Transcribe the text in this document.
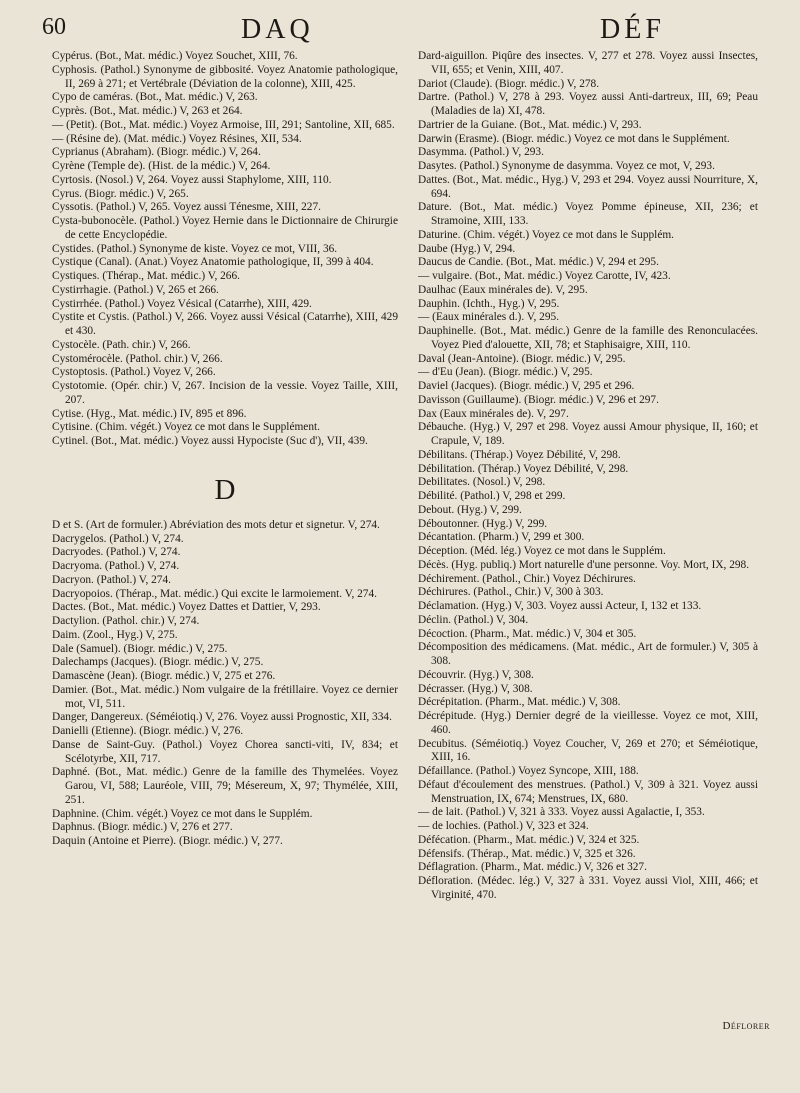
60	DAQ	DÉF

Cypérus. (Bot., Mat. médic.) Voyez Souchet, XIII, 76.

Cyphosis. (Pathol.) Synonyme de gibbosité. Voyez Anatomie pathologique, II, 269 à 271; et Vertébrale (Déviation de la colonne), XIII, 425.

Cypo de caméras. (Bot., Mat. médic.) V, 263.

Cyprès. (Bot., Mat. médic.) V, 263 et 264.

— (Petit). (Bot., Mat. médic.) Voyez Armoise, III, 291; Santoline, XII, 685.

— (Résine de). (Mat. médic.) Voyez Résines, XII, 534.

Cyprianus (Abraham). (Biogr. médic.) V, 264.

Cyrène (Temple de). (Hist. de la médic.) V, 264.

Cyrtosis. (Nosol.) V, 264. Voyez aussi Staphylome, XIII, 110.

Cyrus. (Biogr. médic.) V, 265.

Cyssotis. (Pathol.) V, 265. Voyez aussi Ténesme, XIII, 227.

Cysta-bubonocèle. (Pathol.) Voyez Hernie dans le Dictionnaire de Chirurgie de cette Encyclopédie.

Cystides. (Pathol.) Synonyme de kiste. Voyez ce mot, VIII, 36.

Cystique (Canal). (Anat.) Voyez Anatomie pathologique, II, 399 à 404.

Cystiques. (Thérap., Mat. médic.) V, 266.

Cystirrhagie. (Pathol.) V, 265 et 266.

Cystirrhée. (Pathol.) Voyez Vésical (Catarrhe), XIII, 429.

Cystite et Cystis. (Pathol.) V, 266. Voyez aussi Vésical (Catarrhe), XIII, 429 et 430.

Cystocèle. (Path. chir.) V, 266.

Cystomérocèle. (Pathol. chir.) V, 266.

Cystoptosis. (Pathol.) Voyez V, 266.

Cystotomie. (Opér. chir.) V, 267. Incision de la vessie. Voyez Taille, XIII, 207.

Cytise. (Hyg., Mat. médic.) IV, 895 et 896.

Cytisine. (Chim. végét.) Voyez ce mot dans le Supplément.

Cytinel. (Bot., Mat. médic.) Voyez aussi Hypociste (Suc d'), VII, 439.

D

D et S. (Art de formuler.) Abréviation des mots detur et signetur. V, 274.

Dacrygelos. (Pathol.) V, 274.

Dacryodes. (Pathol.) V, 274.

Dacryoma. (Pathol.) V, 274.

Dacryon. (Pathol.) V, 274.

Dacryopoios. (Thérap., Mat. médic.) Qui excite le larmoiement. V, 274.

Dactes. (Bot., Mat. médic.) Voyez Dattes et Dattier, V, 293.

Dactylion. (Pathol. chir.) V, 274.

Daim. (Zool., Hyg.) V, 275.

Dale (Samuel). (Biogr. médic.) V, 275.

Dalechamps (Jacques). (Biogr. médic.) V, 275.

Damascène (Jean). (Biogr. médic.) V, 275 et 276.

Damier. (Bot., Mat. médic.) Nom vulgaire de la frétillaire. Voyez ce dernier mot, VI, 511.

Danger, Dangereux. (Séméiotiq.) V, 276. Voyez aussi Prognostic, XII, 334.

Danielli (Etienne). (Biogr. médic.) V, 276.

Danse de Saint-Guy. (Pathol.) Voyez Chorea sancti-viti, IV, 834; et Scélotyrbe, XII, 717.

Daphné. (Bot., Mat. médic.) Genre de la famille des Thymelées. Voyez Garou, VI, 588; Lauréole, VIII, 79; Mésereum, X, 97; Thymélée, XIII, 251.

Daphnine. (Chim. végét.) Voyez ce mot dans le Supplém.

Daphnus. (Biogr. médic.) V, 276 et 277.

Daquin (Antoine et Pierre). (Biogr. médic.) V, 277.

Dard-aiguillon. Piqûre des insectes. V, 277 et 278. Voyez aussi Insectes, VII, 655; et Venin, XIII, 407.

Dariot (Claude). (Biogr. médic.) V, 278.

Dartre. (Pathol.) V, 278 à 293. Voyez aussi Anti-dartreux, III, 69; Peau (Maladies de la) XI, 478.

Dartrier de la Guiane. (Bot., Mat. médic.) V, 293.

Darwin (Erasme). (Biogr. médic.) Voyez ce mot dans le Supplément.

Dasymma. (Pathol.) V, 293.

Dasytes. (Pathol.) Synonyme de dasymma. Voyez ce mot, V, 293.

Dattes. (Bot., Mat. médic., Hyg.) V, 293 et 294. Voyez aussi Nourriture, X, 694.

Dature. (Bot., Mat. médic.) Voyez Pomme épineuse, XII, 236; et Stramoine, XIII, 133.

Daturine. (Chim. végét.) Voyez ce mot dans le Supplém.

Daube (Hyg.) V, 294.

Daucus de Candie. (Bot., Mat. médic.) V, 294 et 295.

— vulgaire. (Bot., Mat. médic.) Voyez Carotte, IV, 423.

Daulhac (Eaux minérales de). V, 295.

Dauphin. (Ichth., Hyg.) V, 295.

— (Eaux minérales d.). V, 295.

Dauphinelle. (Bot., Mat. médic.) Genre de la famille des Renonculacées. Voyez Pied d'alouette, XII, 78; et Staphisaigre, XIII, 110.

Daval (Jean-Antoine). (Biogr. médic.) V, 295.

— d'Eu (Jean). (Biogr. médic.) V, 295.

Daviel (Jacques). (Biogr. médic.) V, 295 et 296.

Davisson (Guillaume). (Biogr. médic.) V, 296 et 297.

Dax (Eaux minérales de). V, 297.

Débauche. (Hyg.) V, 297 et 298. Voyez aussi Amour physique, II, 160; et Crapule, V, 189.

Débilitans. (Thérap.) Voyez Débilité, V, 298.

Débilitation. (Thérap.) Voyez Débilité, V, 298.

Debilitates. (Nosol.) V, 298.

Débilité. (Pathol.) V, 298 et 299.

Debout. (Hyg.) V, 299.

Déboutonner. (Hyg.) V, 299.

Décantation. (Pharm.) V, 299 et 300.

Déception. (Méd. lég.) Voyez ce mot dans le Supplém.

Décès. (Hyg. publiq.) Mort naturelle d'une personne. Voy. Mort, IX, 298.

Déchirement. (Pathol., Chir.) Voyez Déchirures.

Déchirures. (Pathol., Chir.) V, 300 à 303.

Déclamation. (Hyg.) V, 303. Voyez aussi Acteur, I, 132 et 133.

Déclin. (Pathol.) V, 304.

Décoction. (Pharm., Mat. médic.) V, 304 et 305.

Décomposition des médicamens. (Mat. médic., Art de formuler.) V, 305 à 308.

Découvrir. (Hyg.) V, 308.

Décrasser. (Hyg.) V, 308.

Décrépitation. (Pharm., Mat. médic.) V, 308.

Décrépitude. (Hyg.) Dernier degré de la vieillesse. Voyez ce mot, XIII, 460.

Decubitus. (Séméiotiq.) Voyez Coucher, V, 269 et 270; et Séméiotique, XIII, 16.

Défaillance. (Pathol.) Voyez Syncope, XIII, 188.

Défaut d'écoulement des menstrues. (Pathol.) V, 309 à 321. Voyez aussi Menstruation, IX, 674; Menstrues, IX, 680.

— de lait. (Pathol.) V, 321 à 333. Voyez aussi Agalactie, I, 353.

— de lochies. (Pathol.) V, 323 et 324.

Défécation. (Pharm., Mat. médic.) V, 324 et 325.

Défensifs. (Thérap., Mat. médic.) V, 325 et 326.

Déflagration. (Pharm., Mat. médic.) V, 326 et 327.

Défloration. (Médec. lég.) V, 327 à 331. Voyez aussi Viol, XIII, 466; et Virginité, 470.

Déflorer
